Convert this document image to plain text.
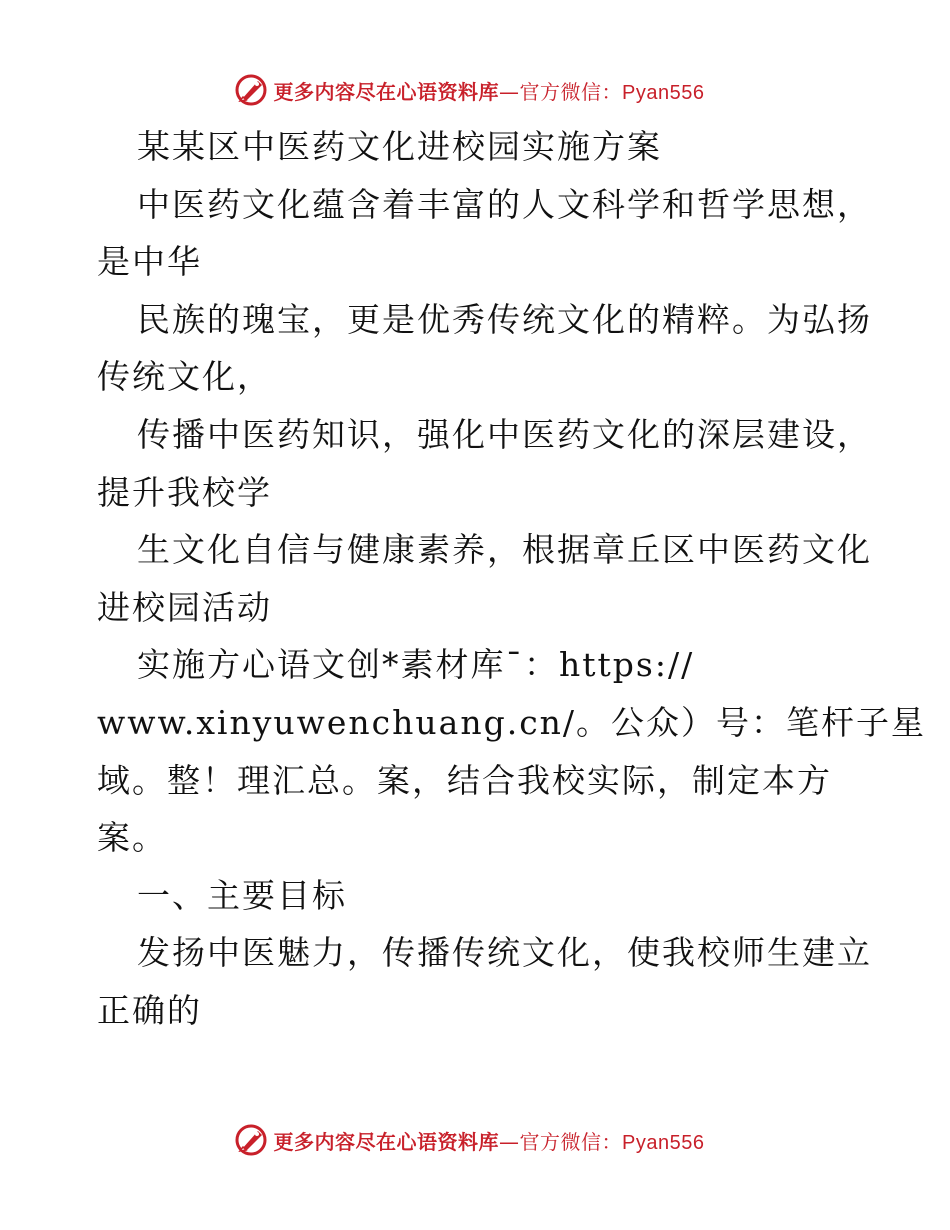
更多内容尽在心语资料库—官方微信：Pyan556
某某区中医药文化进校园实施方案
中医药文化蕴含着丰富的人文科学和哲学思想，
是中华
民族的瑰宝，更是优秀传统文化的精粹。为弘扬
传统文化，
传播中医药知识，强化中医药文化的深层建设，
提升我校学
生文化自信与健康素养，根据章丘区中医药文化
进校园活动
实施方心语文创*素材库¯：https://
www.xinyuwenchuang.cn/。公众）号：笔杆子星
域。整！理汇总。案，结合我校实际，制定本方
案。
一、主要目标
发扬中医魅力，传播传统文化，使我校师生建立
正确的
更多内容尽在心语资料库—官方微信：Pyan556
